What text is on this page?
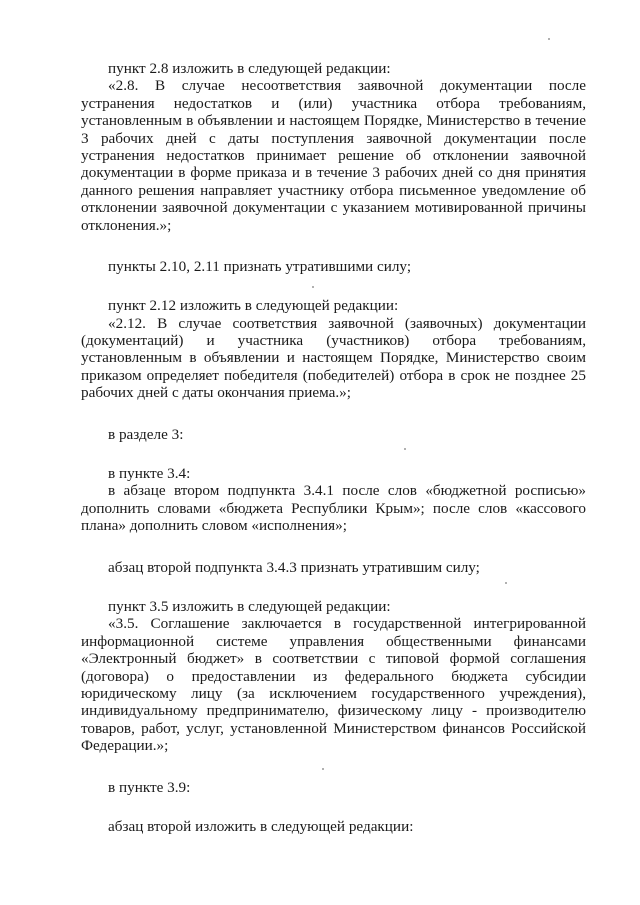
пункт 2.8 изложить в следующей редакции:
«2.8. В случае несоответствия заявочной документации после
устранения недостатков и (или) участника отбора требованиям,
установленным в объявлении и настоящем Порядке, Министерство в течение
3 рабочих дней с даты поступления заявочной документации после
устранения недостатков принимает решение об отклонении заявочной
документации в форме приказа и в течение 3 рабочих дней со дня принятия
данного решения направляет участнику отбора письменное уведомление об
отклонении заявочной документации с указанием мотивированной причины
отклонения.»;
пункты 2.10, 2.11 признать утратившими силу;
пункт 2.12 изложить в следующей редакции:
«2.12. В случае соответствия заявочной (заявочных) документации
(документаций) и участника (участников) отбора требованиям,
установленным в объявлении и настоящем Порядке, Министерство своим
приказом определяет победителя (победителей) отбора в срок не позднее 25
рабочих дней с даты окончания приема.»;
в разделе 3:
в пункте 3.4:
в абзаце втором подпункта 3.4.1 после слов «бюджетной росписью»
дополнить словами «бюджета Республики Крым»; после слов «кассового
плана» дополнить словом «исполнения»;
абзац второй подпункта 3.4.3 признать утратившим силу;
пункт 3.5 изложить в следующей редакции:
«3.5. Соглашение заключается в государственной интегрированной
информационной системе управления общественными финансами
«Электронный бюджет» в соответствии с типовой формой соглашения
(договора) о предоставлении из федерального бюджета субсидии
юридическому лицу (за исключением государственного учреждения),
индивидуальному предпринимателю, физическому лицу - производителю
товаров, работ, услуг, установленной Министерством финансов Российской
Федерации.»;
в пункте 3.9:
абзац второй изложить в следующей редакции:
